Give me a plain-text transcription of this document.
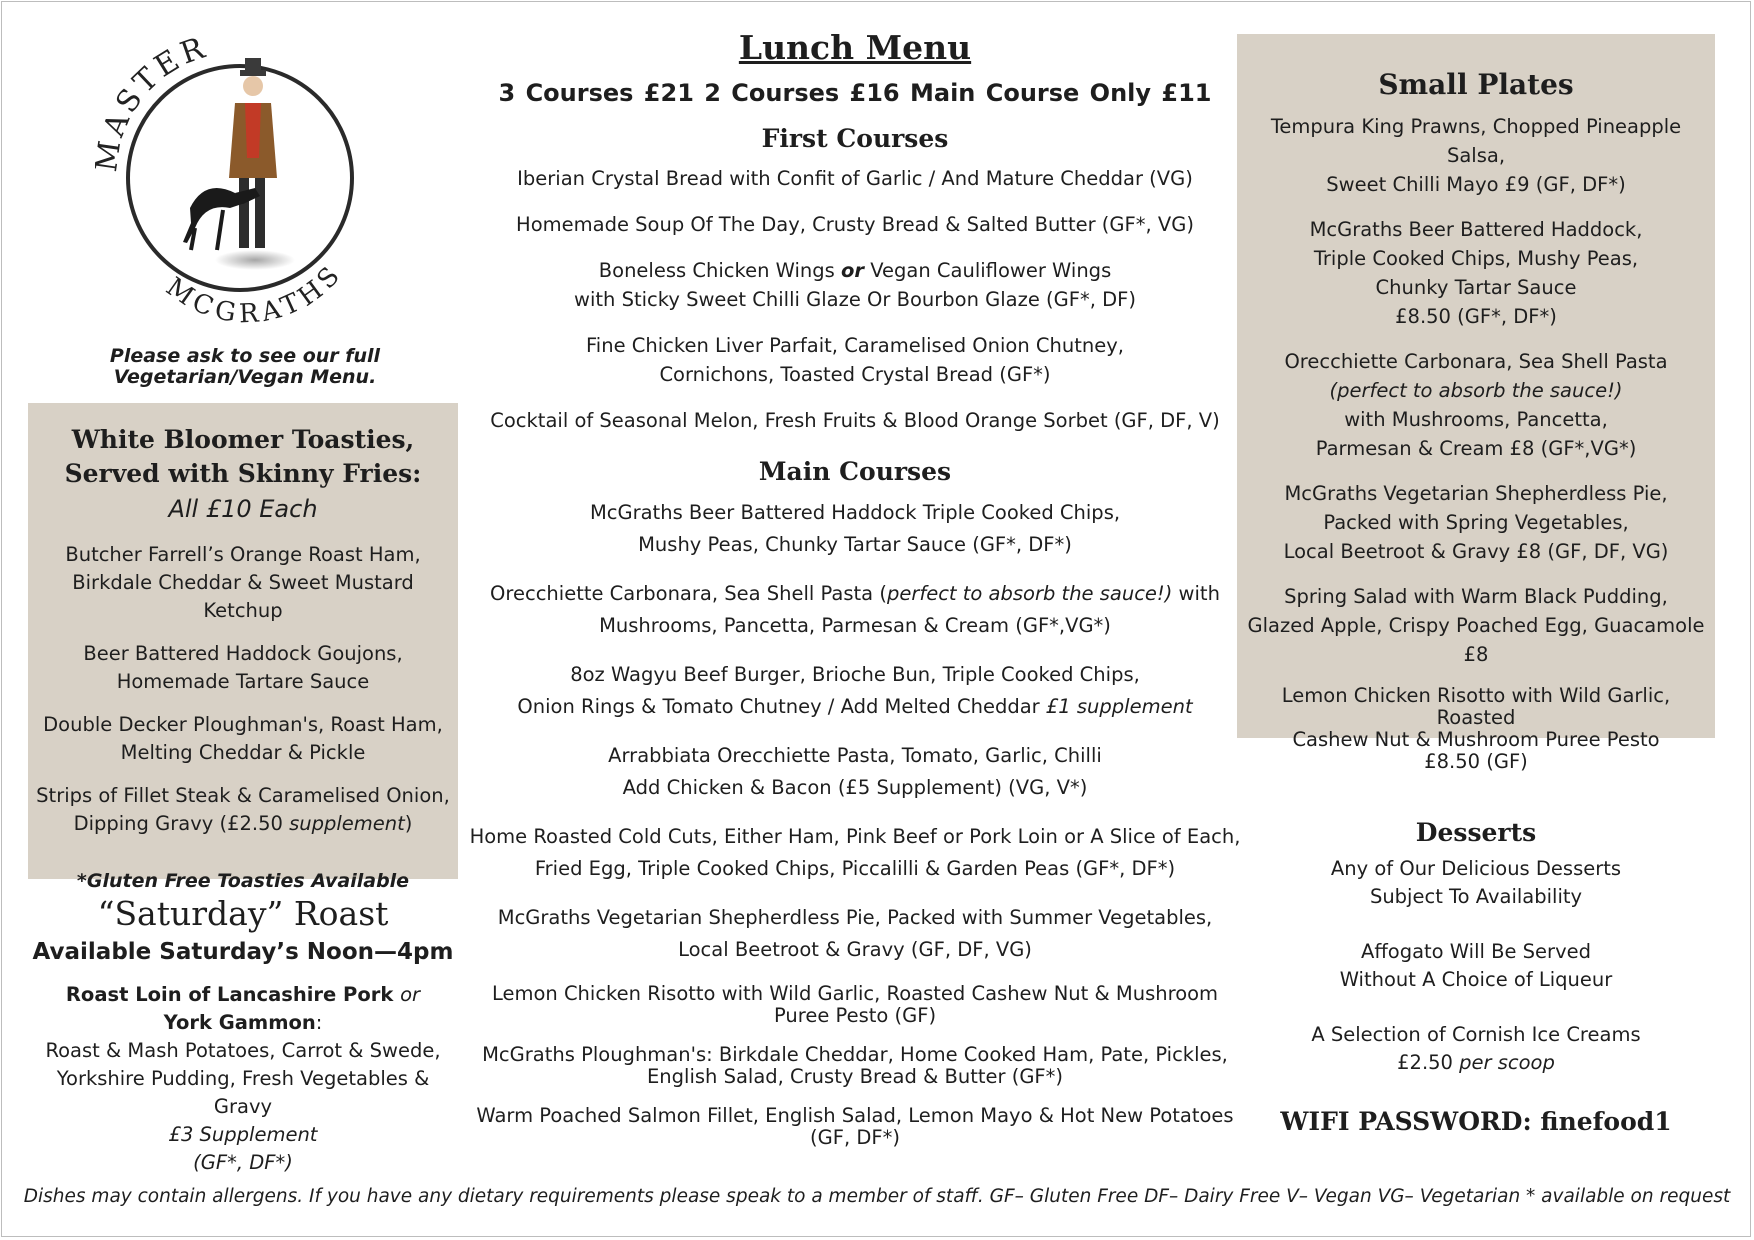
ASTER
MCGRATHS
Please ask to see our full
Vegetarian/Vegan Menu.
White Bloomer Toasties,
Served with Skinny Fries:
All £10 Each
Butcher Farrell’s Orange Roast Ham,
Birkdale Cheddar & Sweet Mustard Ketchup
Beer Battered Haddock Goujons,
Homemade Tartare Sauce
Double Decker Ploughman's, Roast Ham,
Melting Cheddar & Pickle
Strips of Fillet Steak & Caramelised Onion,
Dipping Gravy (£2.50 supplement)
*Gluten Free Toasties Available
“Saturday” Roast
Available Saturday’s Noon—4pm
Roast Loin of Lancashire Pork or
York Gammon:
Roast & Mash Potatoes, Carrot & Swede,
Yorkshire Pudding, Fresh Vegetables & Gravy
£3 Supplement
(GF*, DF*)
Lunch Menu
3 Courses £21 2 Courses £16 Main Course Only £11
First Courses
Iberian Crystal Bread with Confit of Garlic / And Mature Cheddar (VG)
Homemade Soup Of The Day, Crusty Bread & Salted Butter (GF*, VG)
Boneless Chicken Wings or Vegan Cauliflower Wings
with Sticky Sweet Chilli Glaze Or Bourbon Glaze (GF*, DF)
Fine Chicken Liver Parfait, Caramelised Onion Chutney,
Cornichons, Toasted Crystal Bread (GF*)
Cocktail of Seasonal Melon, Fresh Fruits & Blood Orange Sorbet (GF, DF, V)
Main Courses
McGraths Beer Battered Haddock Triple Cooked Chips,
Mushy Peas, Chunky Tartar Sauce (GF*, DF*)
Orecchiette Carbonara, Sea Shell Pasta (perfect to absorb the sauce!) with
Mushrooms, Pancetta, Parmesan & Cream (GF*,VG*)
8oz Wagyu Beef Burger, Brioche Bun, Triple Cooked Chips,
Onion Rings & Tomato Chutney / Add Melted Cheddar £1 supplement
Arrabbiata Orecchiette Pasta, Tomato, Garlic, Chilli
Add Chicken & Bacon (£5 Supplement) (VG, V*)
Home Roasted Cold Cuts, Either Ham, Pink Beef or Pork Loin or A Slice of Each,
Fried Egg, Triple Cooked Chips, Piccalilli & Garden Peas (GF*, DF*)
McGraths Vegetarian Shepherdless Pie, Packed with Summer Vegetables,
Local Beetroot & Gravy (GF, DF, VG)
Lemon Chicken Risotto with Wild Garlic, Roasted Cashew Nut & Mushroom
Puree Pesto (GF)
McGraths Ploughman's: Birkdale Cheddar, Home Cooked Ham, Pate, Pickles,
English Salad, Crusty Bread & Butter (GF*)
Warm Poached Salmon Fillet, English Salad, Lemon Mayo & Hot New Potatoes
(GF, DF*)
Small Plates
Tempura King Prawns, Chopped Pineapple Salsa,
Sweet Chilli Mayo £9 (GF, DF*)
McGraths Beer Battered Haddock,
Triple Cooked Chips, Mushy Peas,
Chunky Tartar Sauce
£8.50 (GF*, DF*)
Orecchiette Carbonara, Sea Shell Pasta
(perfect to absorb the sauce!)
with Mushrooms, Pancetta,
Parmesan & Cream £8 (GF*,VG*)
McGraths Vegetarian Shepherdless Pie,
Packed with Spring Vegetables,
Local Beetroot & Gravy £8 (GF, DF, VG)
Spring Salad with Warm Black Pudding,
Glazed Apple, Crispy Poached Egg, Guacamole £8
Lemon Chicken Risotto with Wild Garlic, Roasted
Cashew Nut & Mushroom Puree Pesto
£8.50 (GF)
Desserts
Any of Our Delicious Desserts
Subject To Availability
Affogato Will Be Served
Without A Choice of Liqueur
A Selection of Cornish Ice Creams
£2.50 per scoop
WIFI PASSWORD: finefood1
Dishes may contain allergens. If you have any dietary requirements please speak to a member of staff. GF– Gluten Free DF– Dairy Free V– Vegan VG– Vegetarian * available on request
